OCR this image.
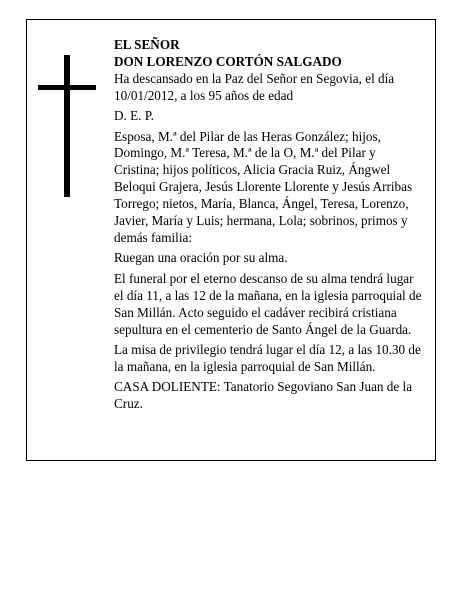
EL SEÑOR

DON LORENZO CORTÓN SALGADO

Ha descansado en la Paz del Señor en Segovia, el día 10/01/2012, a los 95 años de edad

D. E. P.

Esposa, M.ª del Pilar de las Heras González; hijos, Domingo, M.ª Teresa, M.ª de la O, M.ª del Pilar y Cristina; hijos políticos, Alicia Gracia Ruiz, Ángwel Beloqui Grajera, Jesús Llorente Llorente y Jesús Arribas Torrego; nietos, María, Blanca, Ángel, Teresa, Lorenzo, Javier, María y Luis; hermana, Lola; sobrinos, primos y demás familia:

Ruegan una oración por su alma.

El funeral por el eterno descanso de su alma tendrá lugar el día 11, a las 12 de la mañana, en la iglesia parroquial de San Millán. Acto seguido el cadáver recibirá cristiana sepultura en el cementerio de Santo Ángel de la Guarda.

La misa de privilegio tendrá lugar el día 12, a las 10.30 de la mañana, en la iglesia parroquial de San Millán.

CASA DOLIENTE: Tanatorio Segoviano San Juan de la Cruz.
